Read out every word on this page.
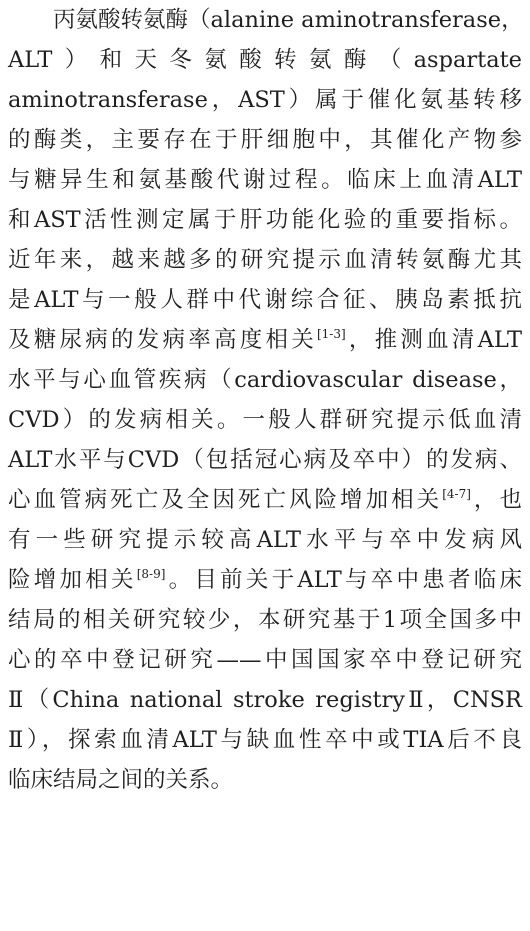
丙氨酸转氨酶（alanine aminotransferase，
ALT）和天冬氨酸转氨酶（aspartate
aminotransferase，AST）属于催化氨基转移
的酶类，主要存在于肝细胞中，其催化产物参
与糖异生和氨基酸代谢过程。临床上血清ALT
和AST活性测定属于肝功能化验的重要指标。
近年来，越来越多的研究提示血清转氨酶尤其
是ALT与一般人群中代谢综合征、胰岛素抵抗
及糖尿病的发病率高度相关[1-3]，推测血清ALT
水平与心血管疾病（cardiovascular disease，
CVD）的发病相关。一般人群研究提示低血清
ALT水平与CVD（包括冠心病及卒中）的发病、
心血管病死亡及全因死亡风险增加相关[4-7]，也
有一些研究提示较高ALT水平与卒中发病风
险增加相关[8-9]。目前关于ALT与卒中患者临床
结局的相关研究较少，本研究基于1项全国多中
心的卒中登记研究——中国国家卒中登记研究
Ⅱ（China national stroke registryⅡ，CNSR
Ⅱ），探索血清ALT与缺血性卒中或TIA后不良
临床结局之间的关系。
